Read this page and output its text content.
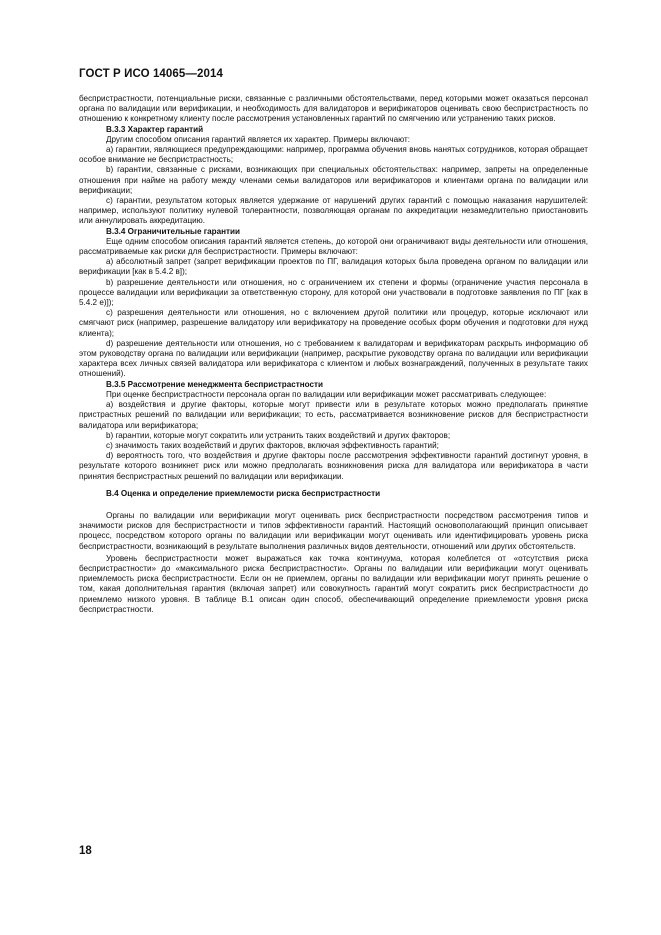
ГОСТ Р ИСО 14065—2014

беспристрастности, потенциальные риски, связанные с различными обстоятельствами, перед которыми может оказаться персонал органа по валидации или верификации, и необходимость для валидаторов и верификаторов оценивать свою беспристрастность по отношению к конкретному клиенту после рассмотрения установленных гарантий по смягчению или устранению таких рисков.

В.3.3 Характер гарантий

Другим способом описания гарантий является их характер. Примеры включают:

a) гарантии, являющиеся предупреждающими: например, программа обучения вновь нанятых сотрудников, которая обращает особое внимание не беспристрастность;

b) гарантии, связанные с рисками, возникающих при специальных обстоятельствах: например, запреты на определенные отношения при найме на работу между членами семьи валидаторов или верификаторов и клиентами органа по валидации или верификации;

c) гарантии, результатом которых является удержание от нарушений других гарантий с помощью наказания нарушителей: например, используют политику нулевой толерантности, позволяющая органам по аккредитации незамедлительно приостановить или аннулировать аккредитацию.

В.3.4 Ограничительные гарантии

Еще одним способом описания гарантий является степень, до которой они ограничивают виды деятельности или отношения, рассматриваемые как риски для беспристрастности. Примеры включают:

a) абсолютный запрет (запрет верификации проектов по ПГ, валидация которых была проведена органом по валидации или верификации [как в 5.4.2 в]);

b) разрешение деятельности или отношения, но с ограничением их степени и формы (ограничение участия персонала в процессе валидации или верификации за ответственную сторону, для которой они участвовали в подготовке заявления по ПГ [как в 5.4.2 е)]);

c) разрешения деятельности или отношения, но с включением другой политики или процедур, которые исключают или смягчают риск (например, разрешение валидатору или верификатору на проведение особых форм обучения и подготовки для нужд клиента);

d) разрешение деятельности или отношения, но с требованием к валидаторам и верификаторам раскрыть информацию об этом руководству органа по валидации или верификации (например, раскрытие руководству органа по валидации или верификации характера всех личных связей валидатора или верификатора с клиентом и любых вознаграждений, полученных в результате таких отношений).

В.3.5 Рассмотрение менеджмента беспристрастности

При оценке беспристрастности персонала орган по валидации или верификации может рассматривать следующее:

a) воздействия и другие факторы, которые могут привести или в результате которых можно предполагать принятие пристрастных решений по валидации или верификации; то есть, рассматривается возникновение рисков для беспристрастности валидатора или верификатора;

b) гарантии, которые могут сократить или устранить таких воздействий и других факторов;

c) значимость таких воздействий и других факторов, включая эффективность гарантий;

d) вероятность того, что воздействия и другие факторы после рассмотрения эффективности гарантий достигнут уровня, в результате которого возникнет риск или можно предполагать возникновения риска для валидатора или верификатора в части принятия беспристрастных решений по валидации или верификации.

В.4 Оценка и определение приемлемости риска беспристрастности

Органы по валидации или верификации могут оценивать риск беспристрастности посредством рассмотрения типов и значимости рисков для беспристрастности и типов эффективности гарантий. Настоящий основополагающий принцип описывает процесс, посредством которого органы по валидации или верификации могут оценивать или идентифицировать уровень риска беспристрастности, возникающий в результате выполнения различных видов деятельности, отношений или других обстоятельств.

Уровень беспристрастности может выражаться как точка континуума, которая колеблется от «отсутствия риска беспристрастности» до «максимального риска беспристрастности». Органы по валидации или верификации могут оценивать приемлемость риска беспристрастности. Если он не приемлем, органы по валидации или верификации могут принять решение о том, какая дополнительная гарантия (включая запрет) или совокупность гарантий могут сократить риск беспристрастности до приемлемо низкого уровня. В таблице В.1 описан один способ, обеспечивающий определение приемлемости уровня риска беспристрастности.

18
